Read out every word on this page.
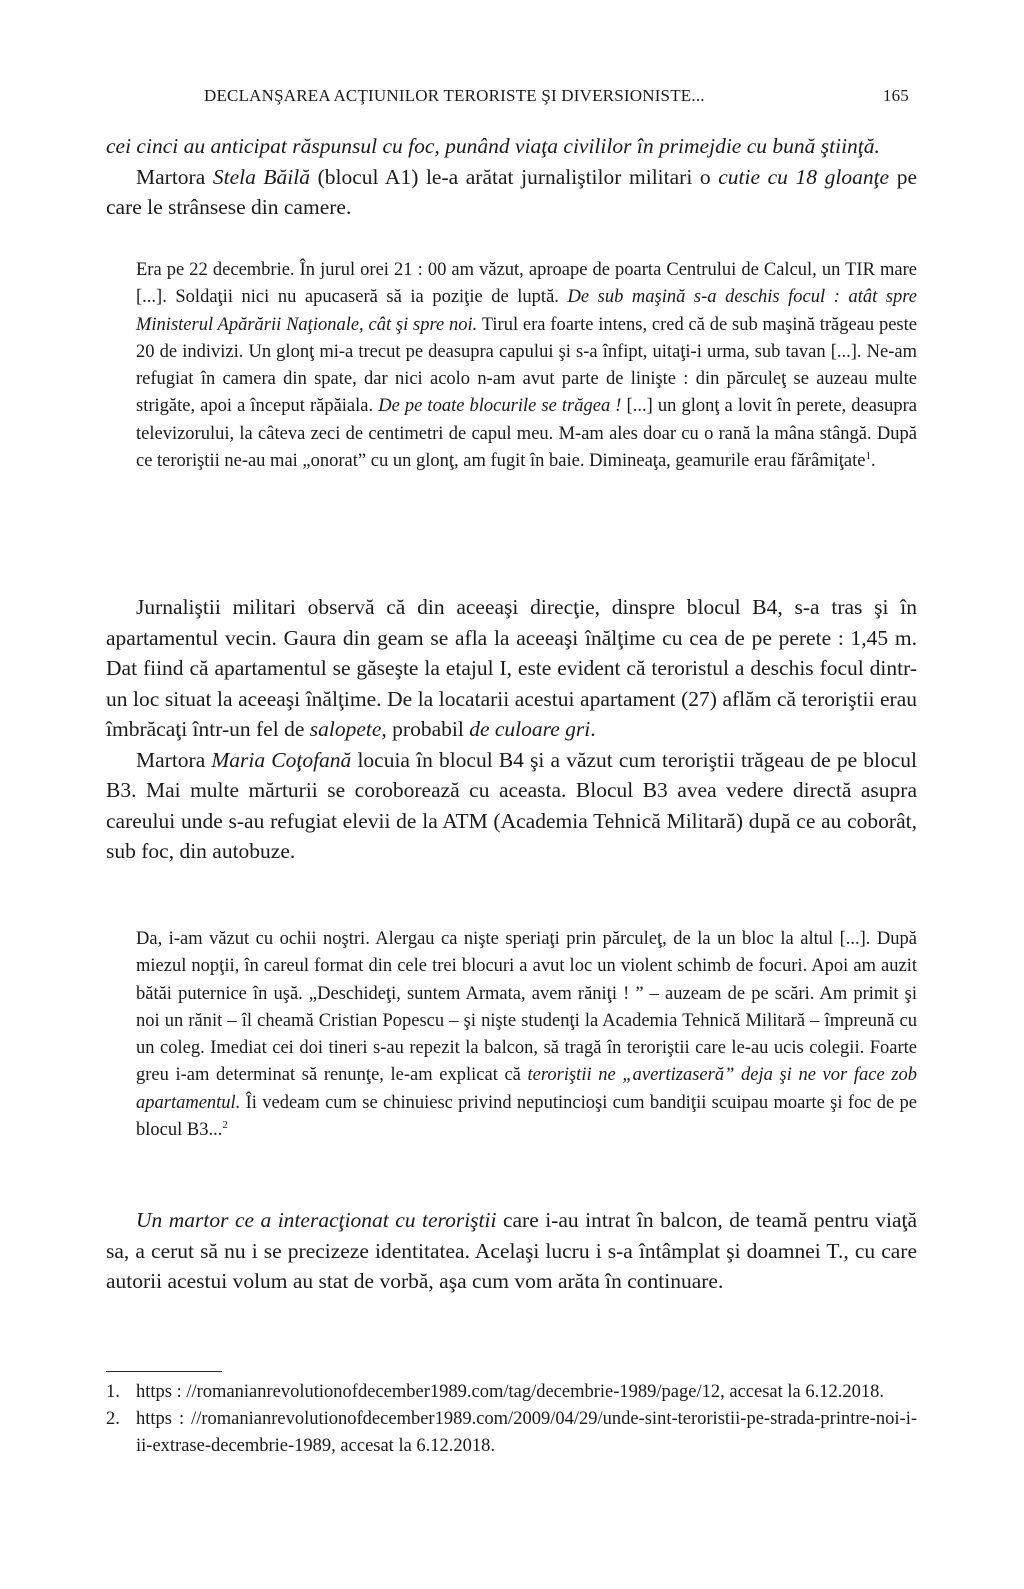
DECLANŞAREA ACŢIUNILOR TERORISTE ŞI DIVERSIONISTE...	165

cei cinci au anticipat răspunsul cu foc, punând viaţa civililor în primejdie cu bună ştiinţă.

Martora Stela Băilă (blocul A1) le-a arătat jurnaliştilor militari o cutie cu 18 gloanţe pe care le strânsese din camere.

Era pe 22 decembrie. În jurul orei 21 : 00 am văzut, aproape de poarta Centrului de Calcul, un TIR mare [...]. Soldaţii nici nu apucaseră să ia poziţie de luptă. De sub maşină s-a deschis focul : atât spre Ministerul Apărării Naţionale, cât şi spre noi. Tirul era foarte intens, cred că de sub maşină trăgeau peste 20 de indivizi. Un glonţ mi-a trecut pe deasupra capului şi s-a înfipt, uitaţi-i urma, sub tavan [...]. Ne-am refugiat în camera din spate, dar nici acolo n-am avut parte de linişte : din părculeţ se auzeau multe strigăte, apoi a început răpăiala. De pe toate blocurile se trăgea ! [...] un glonţ a lovit în perete, deasupra televizorului, la câteva zeci de centimetri de capul meu. M-am ales doar cu o rană la mâna stângă. După ce teroriştii ne-au mai „onorat” cu un glonţ, am fugit în baie. Dimineaţa, geamurile erau fărâmiţate$^1$.

Jurnaliştii militari observă că din aceeaşi direcţie, dinspre blocul B4, s-a tras şi în apartamentul vecin. Gaura din geam se afla la aceeaşi înălţime cu cea de pe perete : 1,45 m. Dat fiind că apartamentul se găseşte la etajul I, este evident că teroristul a deschis focul dintr-un loc situat la aceeaşi înălţime. De la locatarii acestui apartament (27) aflăm că teroriştii erau îmbrăcaţi într-un fel de salopete, probabil de culoare gri.

Martora Maria Coţofană locuia în blocul B4 şi a văzut cum teroriştii trăgeau de pe blocul B3. Mai multe mărturii se coroborează cu aceasta. Blocul B3 avea vedere directă asupra careului unde s-au refugiat elevii de la ATM (Academia Tehnică Militară) după ce au coborât, sub foc, din autobuze.

Da, i-am văzut cu ochii noştri. Alergau ca nişte speriaţi prin părculeţ, de la un bloc la altul [...]. După miezul nopţii, în careul format din cele trei blocuri a avut loc un violent schimb de focuri. Apoi am auzit bătăi puternice în uşă. „Deschideţi, suntem Armata, avem răniţi ! ” – auzeam de pe scări. Am primit şi noi un rănit – îl cheamă Cristian Popescu – şi nişte studenţi la Academia Tehnică Militară – împreună cu un coleg. Imediat cei doi tineri s-au repezit la balcon, să tragă în teroriştii care le-au ucis colegii. Foarte greu i-am determinat să renunţe, le-am explicat că teroriştii ne „avertizaseră” deja şi ne vor face zob apartamentul. Îi vedeam cum se chinuiesc privind neputincioşi cum bandiţii scuipau moarte şi foc de pe blocul B3...$^2$

Un martor ce a interacţionat cu teroriştii care i-au intrat în balcon, de teamă pentru viaţă sa, a cerut să nu i se precizeze identitatea. Acelaşi lucru i s-a întâmplat şi doamnei T., cu care autorii acestui volum au stat de vorbă, aşa cum vom arăta în continuare.

1. https : //romanianrevolutionofdecember1989.com/tag/decembrie-1989/page/12, accesat la 6.12.2018.
2. https : //romanianrevolutionofdecember1989.com/2009/04/29/unde-sint-teroristii-pe-strada-printre-noi-i-ii-extrase-decembrie-1989, accesat la 6.12.2018.
